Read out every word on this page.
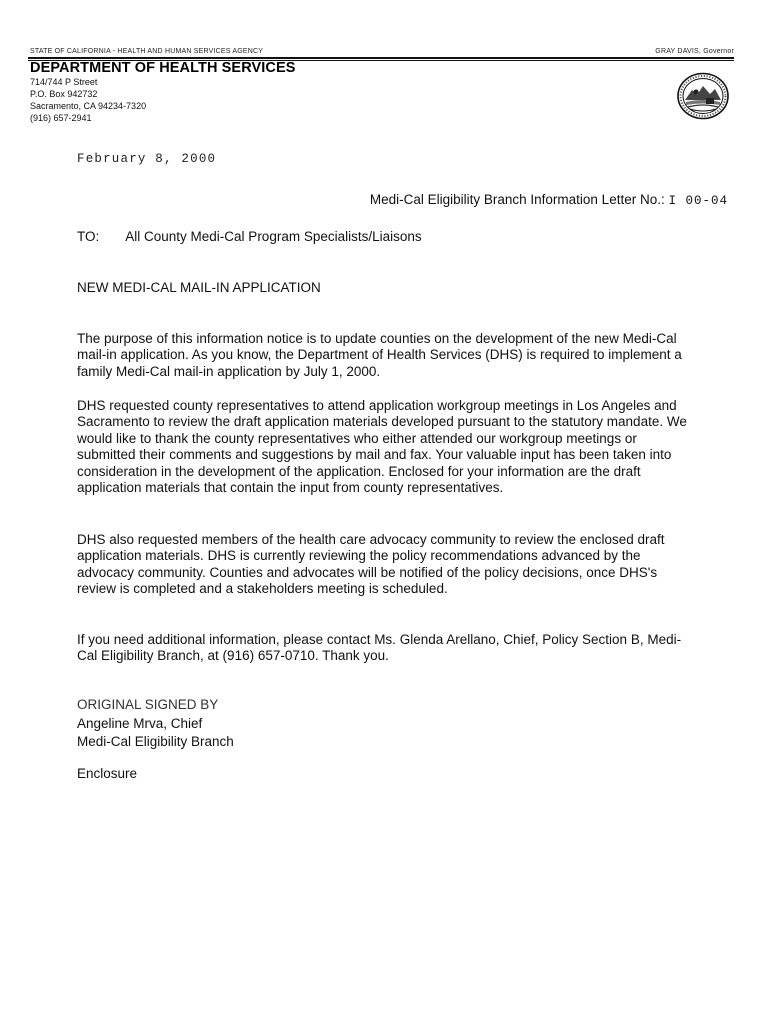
STATE OF CALIFORNIA - HEALTH AND HUMAN SERVICES AGENCY	GRAY DAVIS, Governor
DEPARTMENT OF HEALTH SERVICES
714/744 P Street
P.O. Box 942732
Sacramento, CA 94234-7320
(916) 657-2941
February 8, 2000
Medi-Cal Eligibility Branch Information Letter No.: I 00-04
TO: All County Medi-Cal Program Specialists/Liaisons
NEW MEDI-CAL MAIL-IN APPLICATION
The purpose of this information notice is to update counties on the development of the new Medi-Cal mail-in application. As you know, the Department of Health Services (DHS) is required to implement a family Medi-Cal mail-in application by July 1, 2000.
DHS requested county representatives to attend application workgroup meetings in Los Angeles and Sacramento to review the draft application materials developed pursuant to the statutory mandate. We would like to thank the county representatives who either attended our workgroup meetings or submitted their comments and suggestions by mail and fax. Your valuable input has been taken into consideration in the development of the application. Enclosed for your information are the draft application materials that contain the input from county representatives.
DHS also requested members of the health care advocacy community to review the enclosed draft application materials. DHS is currently reviewing the policy recommendations advanced by the advocacy community. Counties and advocates will be notified of the policy decisions, once DHS's review is completed and a stakeholders meeting is scheduled.
If you need additional information, please contact Ms. Glenda Arellano, Chief, Policy Section B, Medi-Cal Eligibility Branch, at (916) 657-0710. Thank you.
ORIGINAL SIGNED BY
Angeline Mrva, Chief
Medi-Cal Eligibility Branch
Enclosure
